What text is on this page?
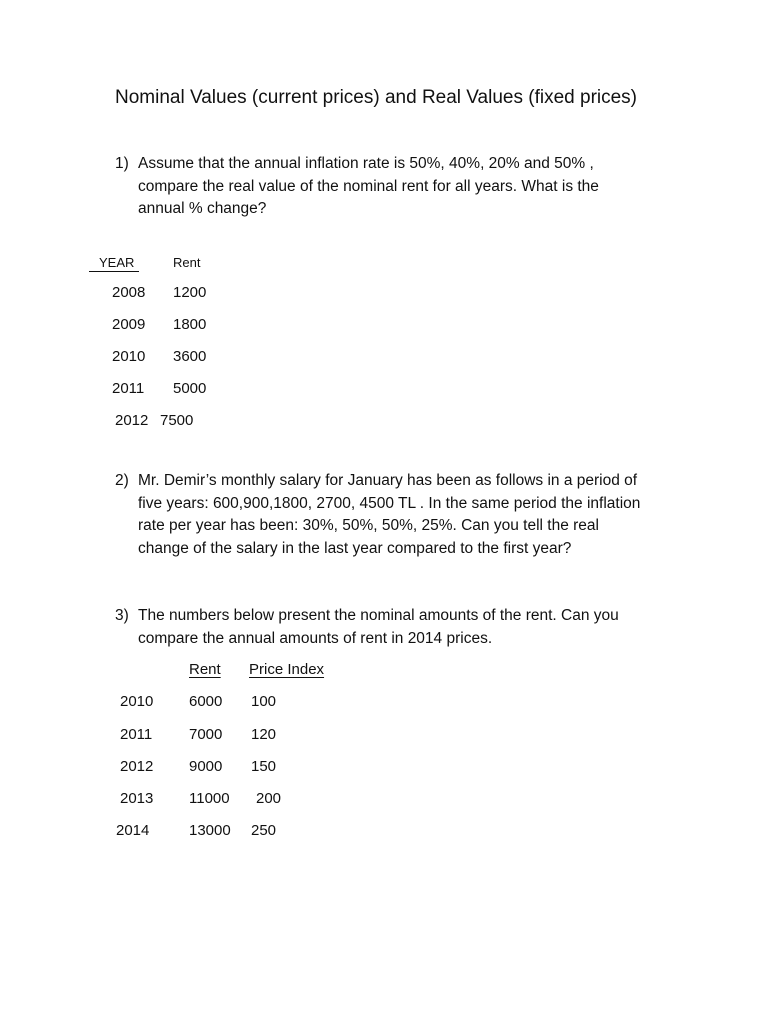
Nominal Values (current prices) and Real Values (fixed prices)
1) Assume that the annual inflation rate is 50%, 40%, 20% and 50% ,
compare the real value of the nominal rent for all years. What is the
annual % change?
YEAR	Rent
2008 1200
2009 1800
2010 3600
2011 5000
2012 7500
2) Mr. Demir’s monthly salary for January has been as follows in a period of
five years: 600,900,1800, 2700, 4500 TL . In the same period the inflation
rate per year has been: 30%, 50%, 50%, 25%. Can you tell the real
change of the salary in the last year compared to the first year?
3) The numbers below present the nominal amounts of the rent. Can you
compare the annual amounts of rent in 2014 prices.
Rent Price Index
2010 6000 100
2011 7000 120
2012 9000 150
2013 11000 200
2014	13000 250
